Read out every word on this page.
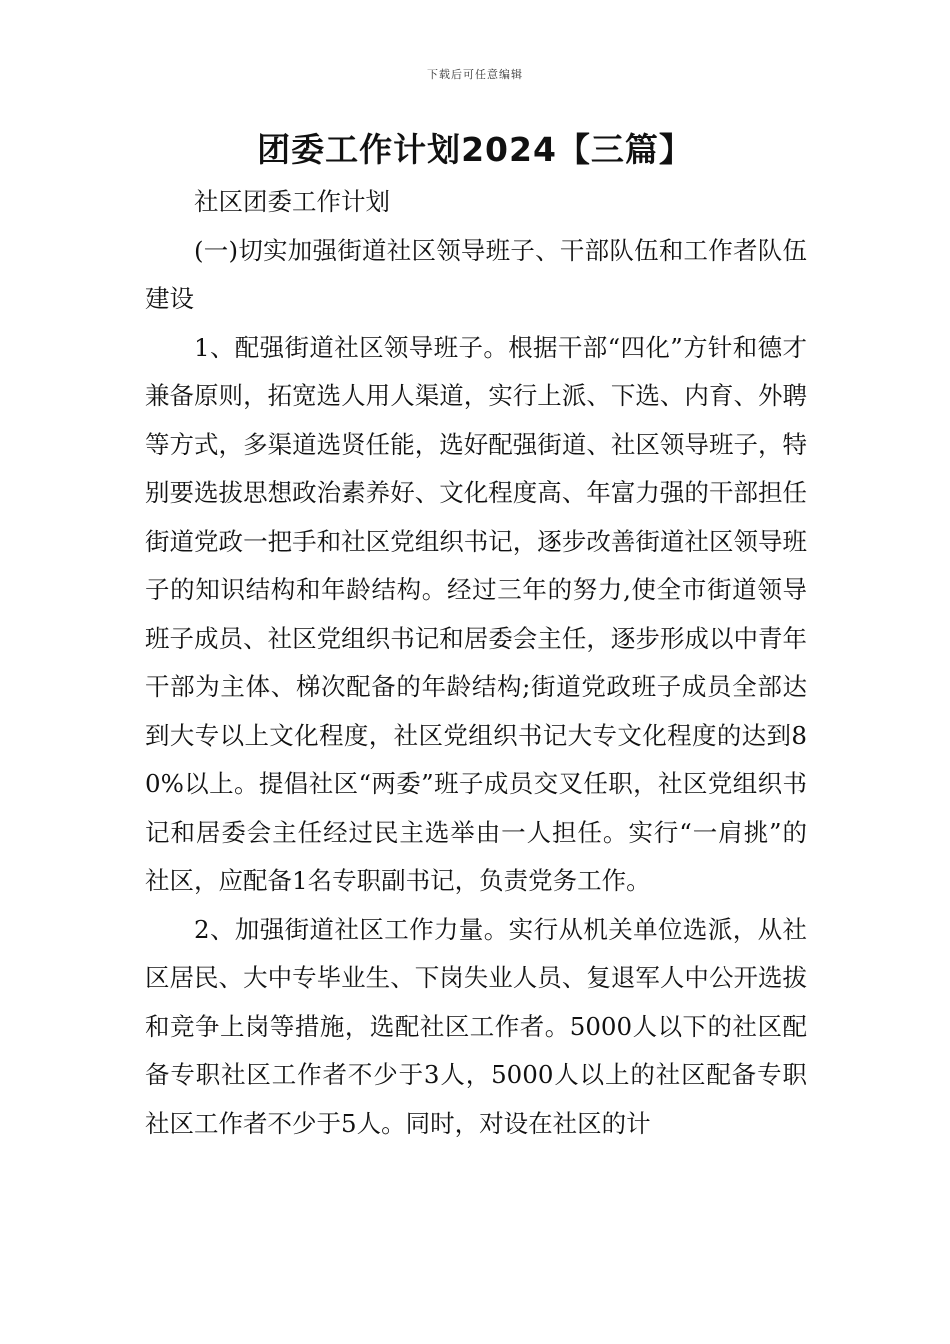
下载后可任意编辑
团委工作计划2024【三篇】

社区团委工作计划

(一)切实加强街道社区领导班子、干部队伍和工作者队伍建设

1、配强街道社区领导班子。根据干部“四化”方针和德才兼备原则，拓宽选人用人渠道，实行上派、下选、内育、外聘等方式，多渠道选贤任能，选好配强街道、社区领导班子，特别要选拔思想政治素养好、文化程度高、年富力强的干部担任街道党政一把手和社区党组织书记，逐步改善街道社区领导班子的知识结构和年龄结构。经过三年的努力,使全市街道领导班子成员、社区党组织书记和居委会主任，逐步形成以中青年干部为主体、梯次配备的年龄结构;街道党政班子成员全部达到大专以上文化程度，社区党组织书记大专文化程度的达到80%以上。提倡社区“两委”班子成员交叉任职，社区党组织书记和居委会主任经过民主选举由一人担任。实行“一肩挑”的社区，应配备1名专职副书记，负责党务工作。

2、加强街道社区工作力量。实行从机关单位选派，从社区居民、大中专毕业生、下岗失业人员、复退军人中公开选拔和竞争上岗等措施，选配社区工作者。5000人以下的社区配备专职社区工作者不少于3人，5000人以上的社区配备专职社区工作者不少于5人。同时，对设在社区的计
